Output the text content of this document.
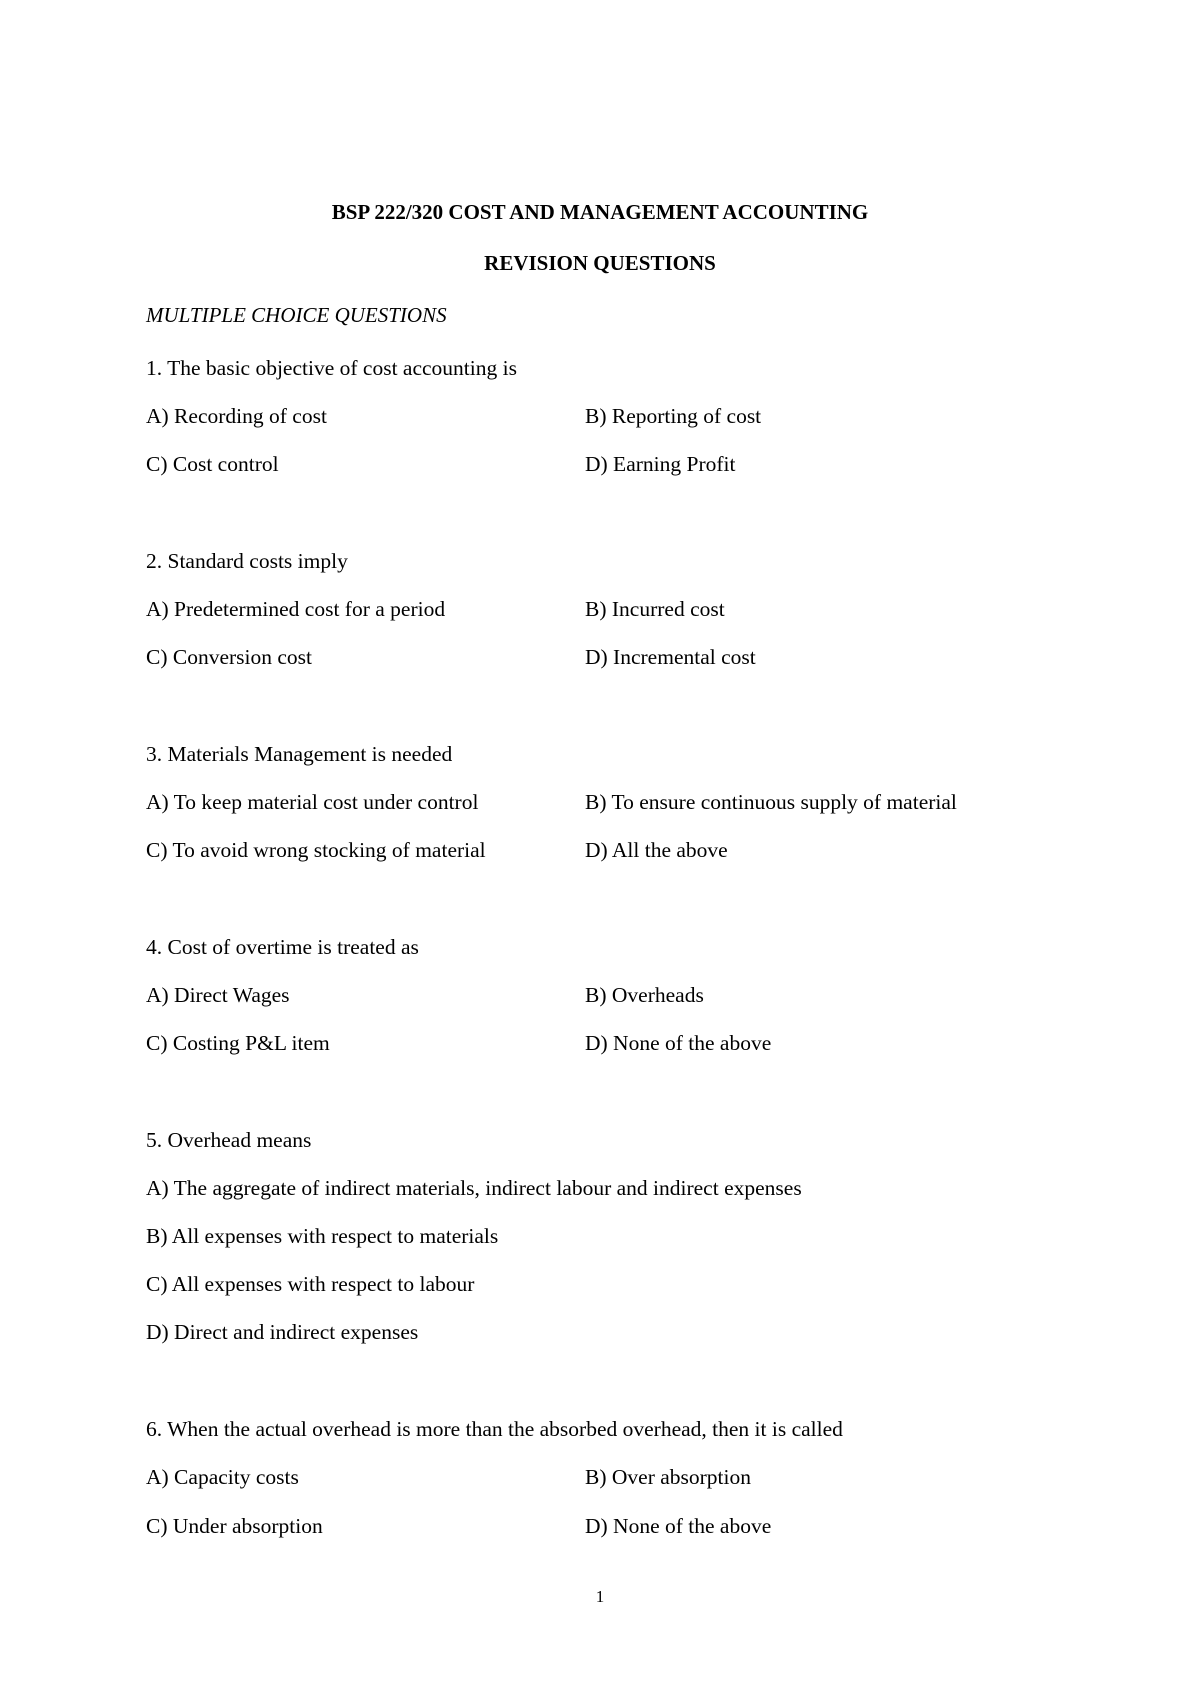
BSP 222/320 COST AND MANAGEMENT ACCOUNTING
REVISION QUESTIONS
MULTIPLE CHOICE QUESTIONS
1. The basic objective of cost accounting is
A) Recording of cost	B) Reporting of cost
C) Cost control	D) Earning Profit
2. Standard costs imply
A) Predetermined cost for a period	B) Incurred cost
C) Conversion cost	D) Incremental cost
3. Materials Management is needed
A) To keep material cost under control	B) To ensure continuous supply of material
C) To avoid wrong stocking of material	D) All the above
4. Cost of overtime is treated as
A) Direct Wages	B) Overheads
C) Costing P&L item	D) None of the above
5. Overhead means
A) The aggregate of indirect materials, indirect labour and indirect expenses
B) All expenses with respect to materials
C) All expenses with respect to labour
D) Direct and indirect expenses
6. When the actual overhead is more than the absorbed overhead, then it is called
A) Capacity costs	B) Over absorption
C) Under absorption	D) None of the above
1
